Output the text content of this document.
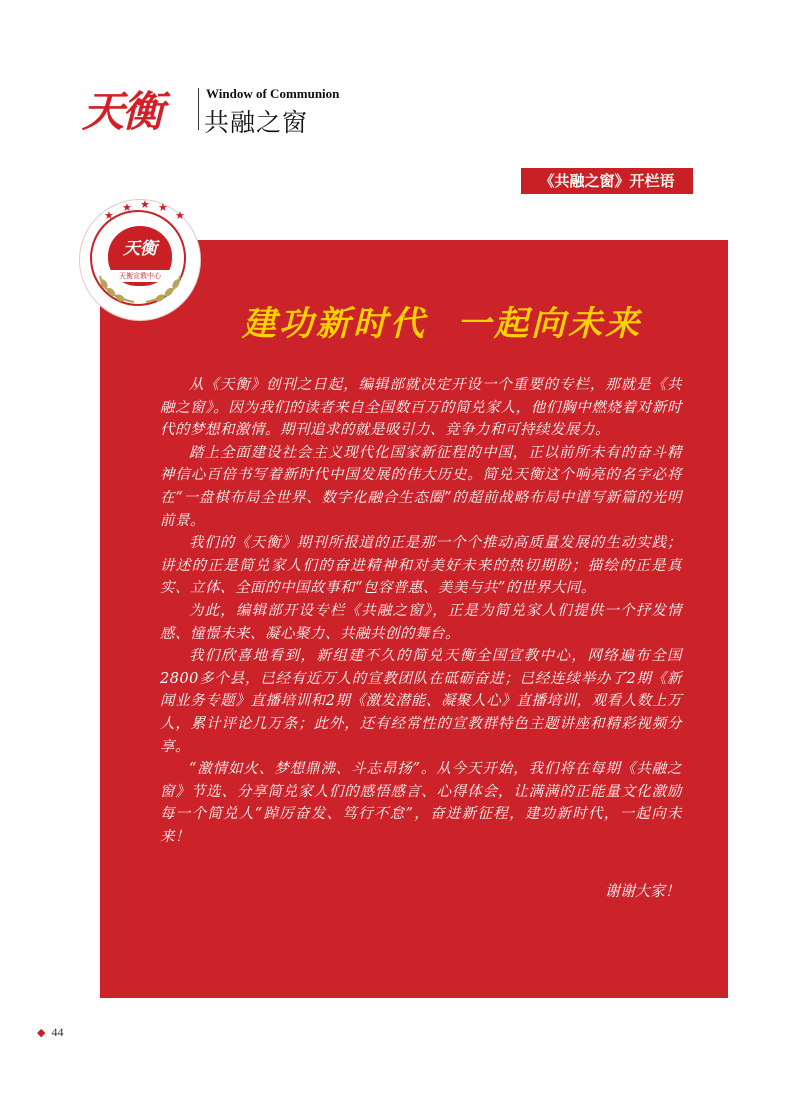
天衡	Window of Communion
共融之窗
《共融之窗》开栏语
★
★ ★ ★
★
天衡
天衡宣教中心
建功新时代 一起向未来

从《天衡》创刊之日起，编辑部就决定开设一个重要的专栏，那就是《共融之窗》。因为我们的读者来自全国数百万的简兑家人，他们胸中燃烧着对新时代的梦想和激情。期刊追求的就是吸引力、竞争力和可持续发展力。

踏上全面建设社会主义现代化国家新征程的中国，正以前所未有的奋斗精神信心百倍书写着新时代中国发展的伟大历史。简兑天衡这个响亮的名字必将在“一盘棋布局全世界、数字化融合生态圈”的超前战略布局中谱写新篇的光明前景。

我们的《天衡》期刊所报道的正是那一个个推动高质量发展的生动实践；讲述的正是简兑家人们的奋进精神和对美好未来的热切期盼；描绘的正是真实、立体、全面的中国故事和“包容普惠、美美与共”的世界大同。

为此，编辑部开设专栏《共融之窗》，正是为简兑家人们提供一个抒发情感、憧憬未来、凝心聚力、共融共创的舞台。

我们欣喜地看到，新组建不久的简兑天衡全国宣教中心，网络遍布全国2800多个县，已经有近万人的宣教团队在砥砺奋进；已经连续举办了2期《新闻业务专题》直播培训和2期《激发潜能、凝聚人心》直播培训，观看人数上万人，累计评论几万条；此外，还有经常性的宣教群特色主题讲座和精彩视频分享。

“激情如火、梦想鼎沸、斗志昂扬”。从今天开始，我们将在每期《共融之窗》节选、分享简兑家人们的感悟感言、心得体会，让满满的正能量文化激励每一个简兑人“踔厉奋发、笃行不怠”，奋进新征程，建功新时代，一起向未来！

谢谢大家！
◆ 44
